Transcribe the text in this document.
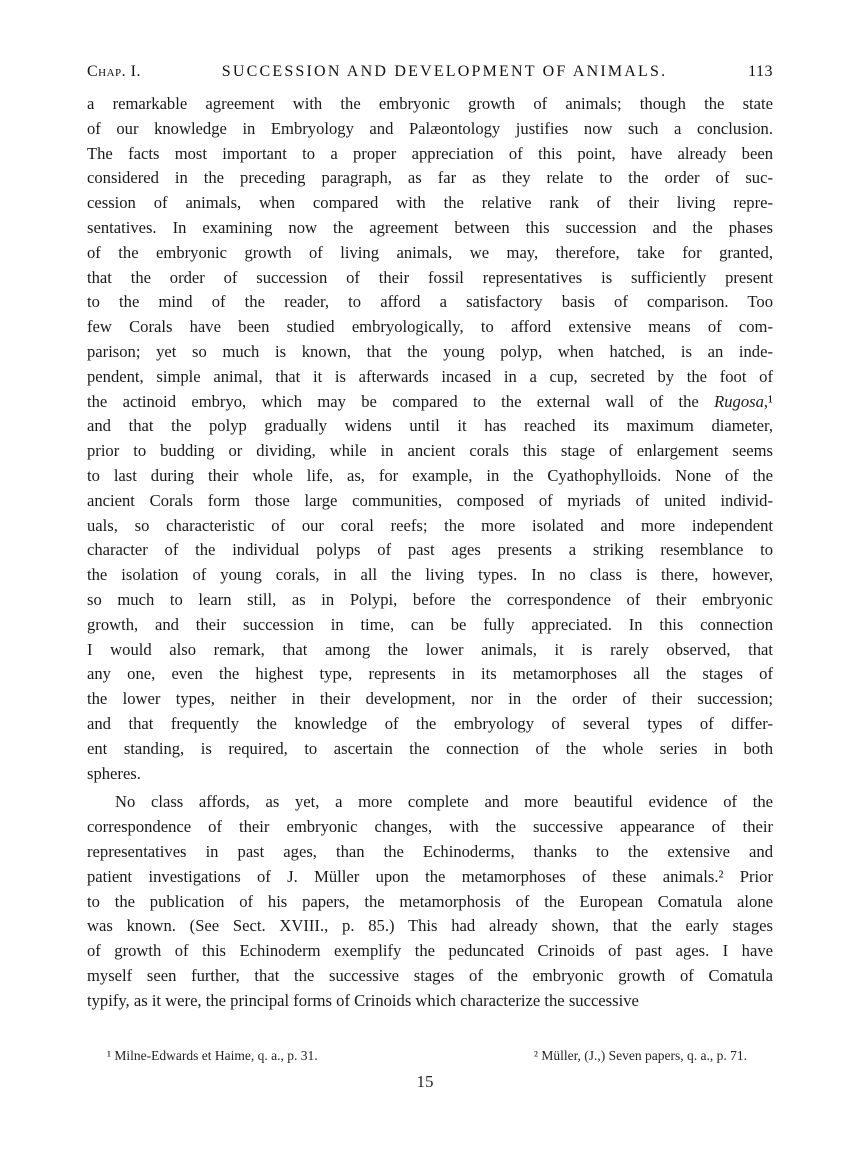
Chap. I.	SUCCESSION AND DEVELOPMENT OF ANIMALS.	113
a remarkable agreement with the embryonic growth of animals; though the state
of our knowledge in Embryology and Palæontology justifies now such a conclusion.
The facts most important to a proper appreciation of this point, have already been
considered in the preceding paragraph, as far as they relate to the order of suc-
cession of animals, when compared with the relative rank of their living repre-
sentatives. In examining now the agreement between this succession and the phases
of the embryonic growth of living animals, we may, therefore, take for granted,
that the order of succession of their fossil representatives is sufficiently present
to the mind of the reader, to afford a satisfactory basis of comparison. Too
few Corals have been studied embryologically, to afford extensive means of com-
parison; yet so much is known, that the young polyp, when hatched, is an inde-
pendent, simple animal, that it is afterwards incased in a cup, secreted by the foot of
the actinoid embryo, which may be compared to the external wall of the Rugosa,¹
and that the polyp gradually widens until it has reached its maximum diameter,
prior to budding or dividing, while in ancient corals this stage of enlargement seems
to last during their whole life, as, for example, in the Cyathophylloids. None of the
ancient Corals form those large communities, composed of myriads of united individ-
uals, so characteristic of our coral reefs; the more isolated and more independent
character of the individual polyps of past ages presents a striking resemblance to
the isolation of young corals, in all the living types. In no class is there, however,
so much to learn still, as in Polypi, before the correspondence of their embryonic
growth, and their succession in time, can be fully appreciated. In this connection
I would also remark, that among the lower animals, it is rarely observed, that
any one, even the highest type, represents in its metamorphoses all the stages of
the lower types, neither in their development, nor in the order of their succession;
and that frequently the knowledge of the embryology of several types of differ-
ent standing, is required, to ascertain the connection of the whole series in both
spheres.
No class affords, as yet, a more complete and more beautiful evidence of the
correspondence of their embryonic changes, with the successive appearance of their
representatives in past ages, than the Echinoderms, thanks to the extensive and
patient investigations of J. Müller upon the metamorphoses of these animals.² Prior
to the publication of his papers, the metamorphosis of the European Comatula alone
was known. (See Sect. XVIII., p. 85.) This had already shown, that the early stages
of growth of this Echinoderm exemplify the peduncated Crinoids of past ages. I have
myself seen further, that the successive stages of the embryonic growth of Comatula
typify, as it were, the principal forms of Crinoids which characterize the successive
¹ Milne-Edwards et Haime, q. a., p. 31.	² Müller, (J.,) Seven papers, q. a., p. 71.
15
